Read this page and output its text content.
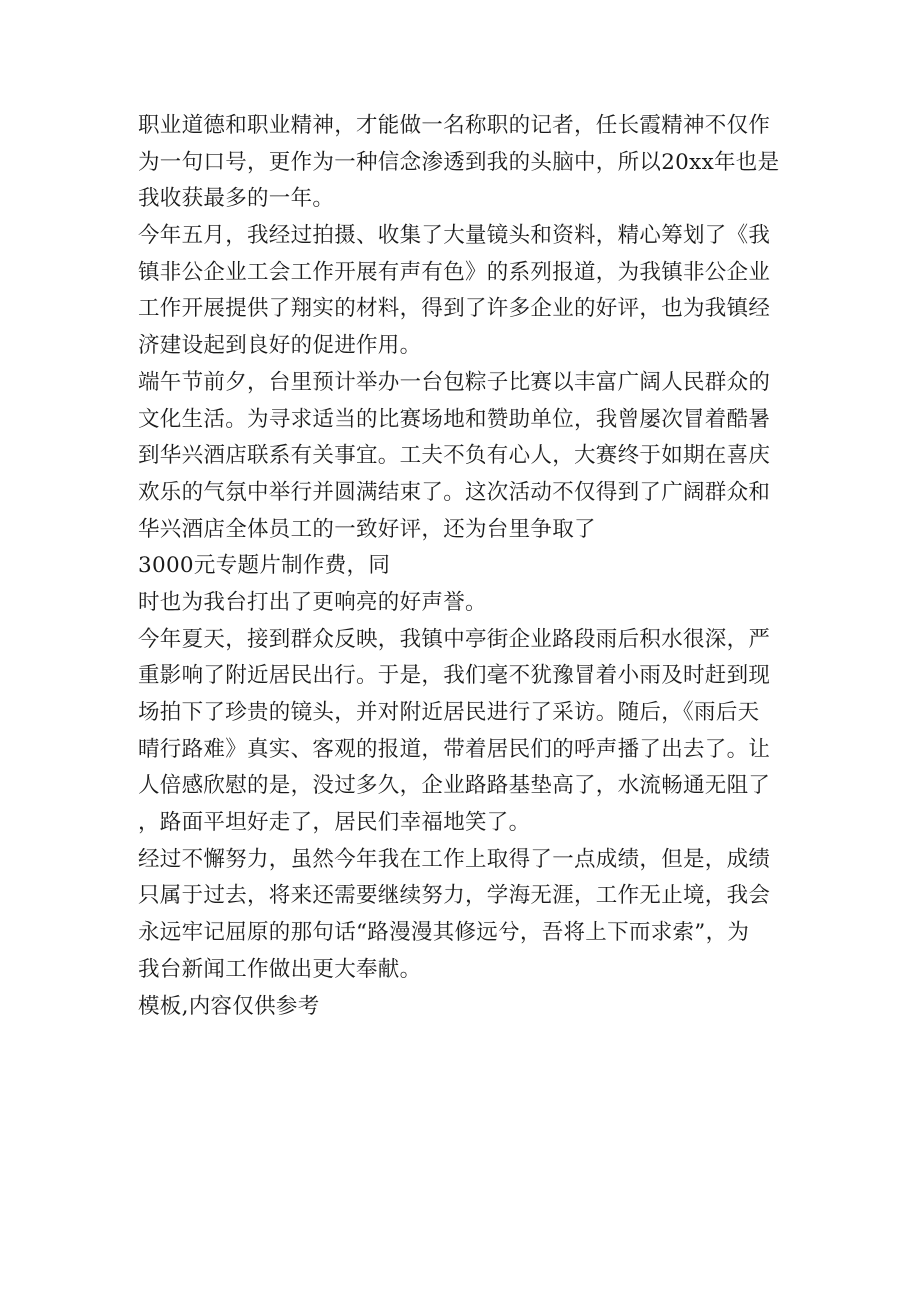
职业道德和职业精神，才能做一名称职的记者，任长霞精神不仅作
为一句口号，更作为一种信念渗透到我的头脑中，所以20xx年也是
我收获最多的一年。
今年五月，我经过拍摄、收集了大量镜头和资料，精心筹划了《我
镇非公企业工会工作开展有声有色》的系列报道，为我镇非公企业
工作开展提供了翔实的材料，得到了许多企业的好评，也为我镇经
济建设起到良好的促进作用。
端午节前夕，台里预计举办一台包粽子比赛以丰富广阔人民群众的
文化生活。为寻求适当的比赛场地和赞助单位，我曾屡次冒着酷暑
到华兴酒店联系有关事宜。工夫不负有心人，大赛终于如期在喜庆
欢乐的气氛中举行并圆满结束了。这次活动不仅得到了广阔群众和
华兴酒店全体员工的一致好评，还为台里争取了
3000元专题片制作费，同
时也为我台打出了更响亮的好声誉。
今年夏天，接到群众反映，我镇中亭街企业路段雨后积水很深，严
重影响了附近居民出行。于是，我们毫不犹豫冒着小雨及时赶到现
场拍下了珍贵的镜头，并对附近居民进行了采访。随后，《雨后天
晴行路难》真实、客观的报道，带着居民们的呼声播了出去了。让
人倍感欣慰的是，没过多久，企业路路基垫高了，水流畅通无阻了
，路面平坦好走了，居民们幸福地笑了。
经过不懈努力，虽然今年我在工作上取得了一点成绩，但是，成绩
只属于过去，将来还需要继续努力，学海无涯，工作无止境，我会
永远牢记屈原的那句话“路漫漫其修远兮，吾将上下而求索”，为
我台新闻工作做出更大奉献。
模板,内容仅供参考
